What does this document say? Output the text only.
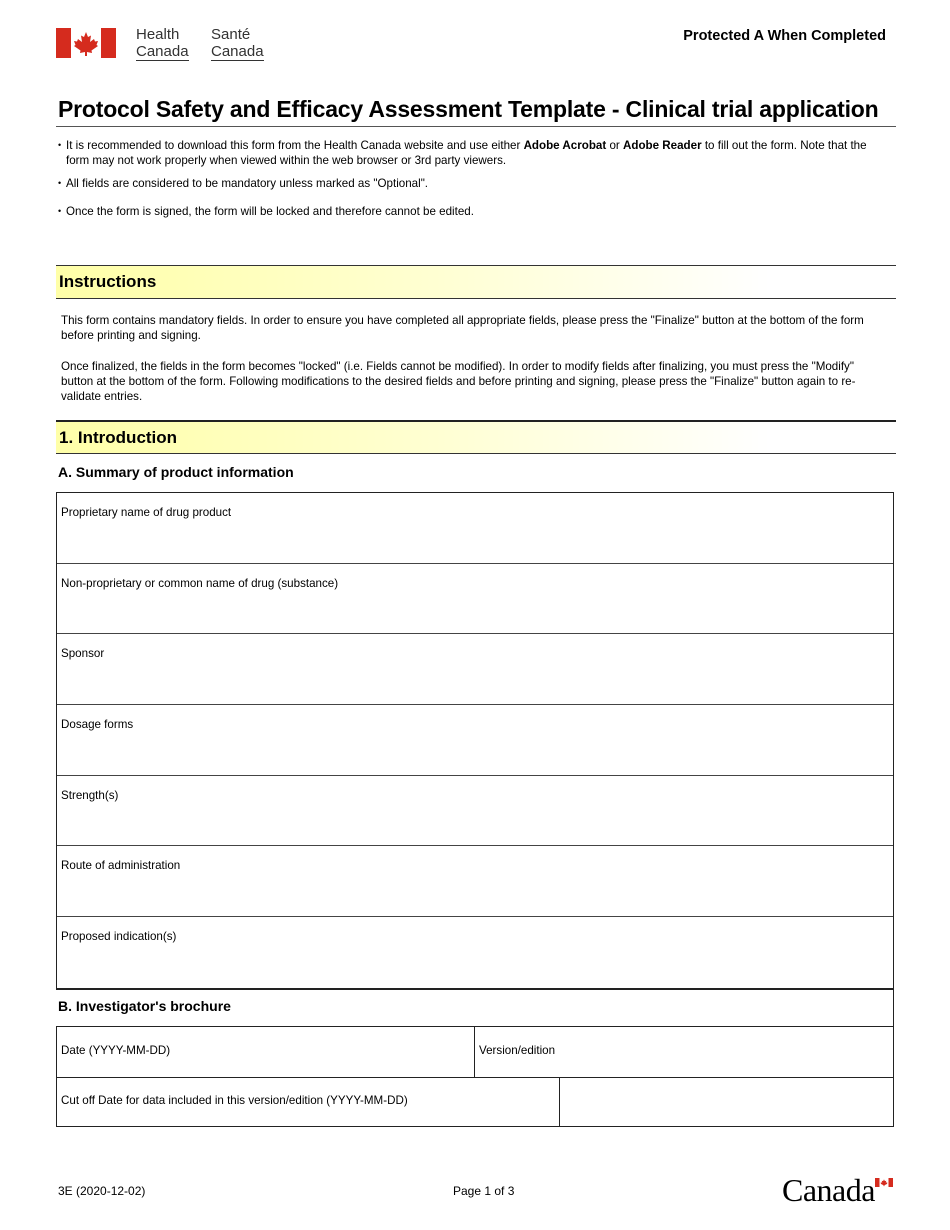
Health
Canada
Santé
Canada
Protected A When Completed
Protocol Safety and Efficacy Assessment Template - Clinical trial application
• It is recommended to download this form from the Health Canada website and use either Adobe Acrobat or Adobe Reader to fill out the form. Note that the form may not work properly when viewed within the web browser or 3rd party viewers.
• All fields are considered to be mandatory unless marked as "Optional".
• Once the form is signed, the form will be locked and therefore cannot be edited.
Instructions
This form contains mandatory fields. In order to ensure you have completed all appropriate fields, please press the "Finalize" button at the bottom of the form before printing and signing.
Once finalized, the fields in the form becomes "locked" (i.e. Fields cannot be modified). In order to modify fields after finalizing, you must press the "Modify" button at the bottom of the form. Following modifications to the desired fields and before printing and signing, please press the "Finalize" button again to re-validate entries.
1. Introduction
A. Summary of product information
Proprietary name of drug product
Non-proprietary or common name of drug (substance)
Sponsor
Dosage forms
Strength(s)
Route of administration
Proposed indication(s)
B. Investigator's brochure
Date (YYYY-MM-DD)	Version/edition
Cut off Date for data included in this version/edition (YYYY-MM-DD)
3E (2020-12-02)	Page 1 of 3	Canada
